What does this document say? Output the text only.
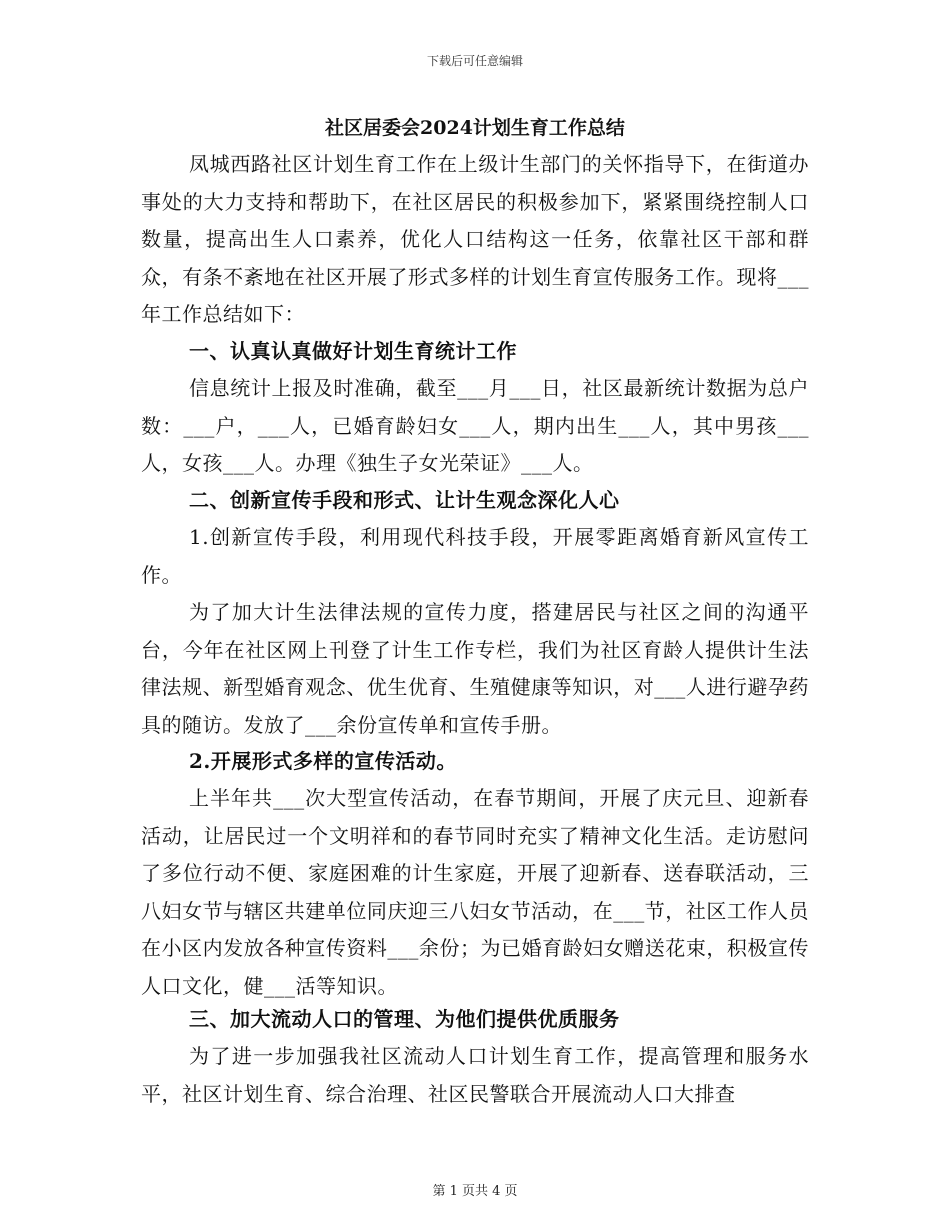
下载后可任意编辑
社区居委会2024计划生育工作总结
凤城西路社区计划生育工作在上级计生部门的关怀指导下，在街道办事处的大力支持和帮助下，在社区居民的积极参加下，紧紧围绕控制人口数量，提高出生人口素养，优化人口结构这一任务，依靠社区干部和群众，有条不紊地在社区开展了形式多样的计划生育宣传服务工作。现将___年工作总结如下：
一、认真认真做好计划生育统计工作
信息统计上报及时准确，截至___月___日，社区最新统计数据为总户数：___户，___人，已婚育龄妇女___人，期内出生___人，其中男孩___人，女孩___人。办理《独生子女光荣证》___人。
二、创新宣传手段和形式、让计生观念深化人心
1.创新宣传手段，利用现代科技手段，开展零距离婚育新风宣传工作。
为了加大计生法律法规的宣传力度，搭建居民与社区之间的沟通平台，今年在社区网上刊登了计生工作专栏，我们为社区育龄人提供计生法律法规、新型婚育观念、优生优育、生殖健康等知识，对___人进行避孕药具的随访。发放了___余份宣传单和宣传手册。
2.开展形式多样的宣传活动。
上半年共___次大型宣传活动，在春节期间，开展了庆元旦、迎新春活动，让居民过一个文明祥和的春节同时充实了精神文化生活。走访慰问了多位行动不便、家庭困难的计生家庭，开展了迎新春、送春联活动，三八妇女节与辖区共建单位同庆迎三八妇女节活动，在___节，社区工作人员在小区内发放各种宣传资料___余份；为已婚育龄妇女赠送花束，积极宣传人口文化，健___活等知识。
三、加大流动人口的管理、为他们提供优质服务
为了进一步加强我社区流动人口计划生育工作，提高管理和服务水平，社区计划生育、综合治理、社区民警联合开展流动人口大排查
第 1 页共 4 页
